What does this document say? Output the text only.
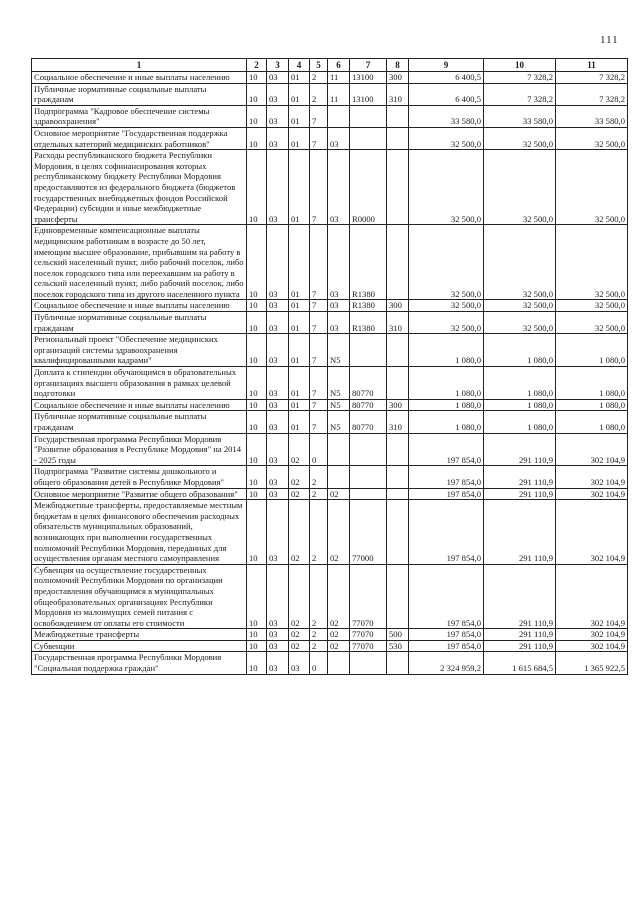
111
1	2	3	4	5	6	7	8	9	10	11
Социальное обеспечение и иные выплаты населению	10	03	01	2	11	13100	300	6 400,5	7 328,2	7 328,2
Публичные нормативные социальные выплаты гражданам	10	03	01	2	11	13100	310	6 400,5	7 328,2	7 328,2
Подпрограмма "Кадровое обеспечение системы здравоохранения"	10	03	01	7				33 580,0	33 580,0	33 580,0
Основное мероприятие "Государственная поддержка отдельных категорий медицинских работников"	10	03	01	7	03			32 500,0	32 500,0	32 500,0
Расходы республиканского бюджета Республики Мордовия, в целях софинансирования которых республиканскому бюджету Республики Мордовия предоставляются из федерального бюджета (бюджетов государственных внебюджетных фондов Российской Федерации) субсидии и иные межбюджетные трансферты	10	03	01	7	03	R0000		32 500,0	32 500,0	32 500,0
Единовременные компенсационные выплаты медицинским работникам в возрасте до 50 лет, имеющим высшее образование, прибывшим на работу в сельский населенный пункт, либо рабочий поселок, либо поселок городского типа или переехавшим на работу в сельский населенный пункт, либо рабочий поселок, либо поселок городского типа из другого населенного пункта	10	03	01	7	03	R1380		32 500,0	32 500,0	32 500,0
Социальное обеспечение и иные выплаты населению	10	03	01	7	03	R1380	300	32 500,0	32 500,0	32 500,0
Публичные нормативные социальные выплаты гражданам	10	03	01	7	03	R1380	310	32 500,0	32 500,0	32 500,0
Региональный проект "Обеспечение медицинских организаций системы здравоохранения квалифицированными кадрами"	10	03	01	7	N5			1 080,0	1 080,0	1 080,0
Доплата к стипендии обучающимся в образовательных организациях высшего образования в рамках целевой подготовки	10	03	01	7	N5	80770		1 080,0	1 080,0	1 080,0
Социальное обеспечение и иные выплаты населению	10	03	01	7	N5	80770	300	1 080,0	1 080,0	1 080,0
Публичные нормативные социальные выплаты гражданам	10	03	01	7	N5	80770	310	1 080,0	1 080,0	1 080,0
Государственная программа Республики Мордовия "Развитие образования в Республике Мордовия" на 2014 - 2025 годы	10	03	02	0				197 854,0	291 110,9	302 104,9
Подпрограмма "Развитие системы дошкольного и общего образования детей в Республике Мордовия"	10	03	02	2				197 854,0	291 110,9	302 104,9
Основное мероприятие "Развитие общего образования"	10	03	02	2	02			197 854,0	291 110,9	302 104,9
Межбюджетные трансферты, предоставляемые местным бюджетам в целях финансового обеспечения расходных обязательств муниципальных образований, возникающих при выполнении государственных полномочий Республики Мордовия, переданных для осуществления органам местного самоуправления	10	03	02	2	02	77000		197 854,0	291 110,9	302 104,9
Субвенция на осуществление государственных полномочий Республики Мордовия по организации предоставления обучающимся в муниципальных общеобразовательных организациях Республики Мордовия из малоимущих семей питания с освобождением от оплаты его стоимости	10	03	02	2	02	77070		197 854,0	291 110,9	302 104,9
Межбюджетные трансферты	10	03	02	2	02	77070	500	197 854,0	291 110,9	302 104,9
Субвенции	10	03	02	2	02	77070	530	197 854,0	291 110,9	302 104,9
Государственная программа Республики Мордовия "Социальная поддержка граждан"	10	03	03	0				2 324 959,2	1 615 684,5	1 365 922,5
